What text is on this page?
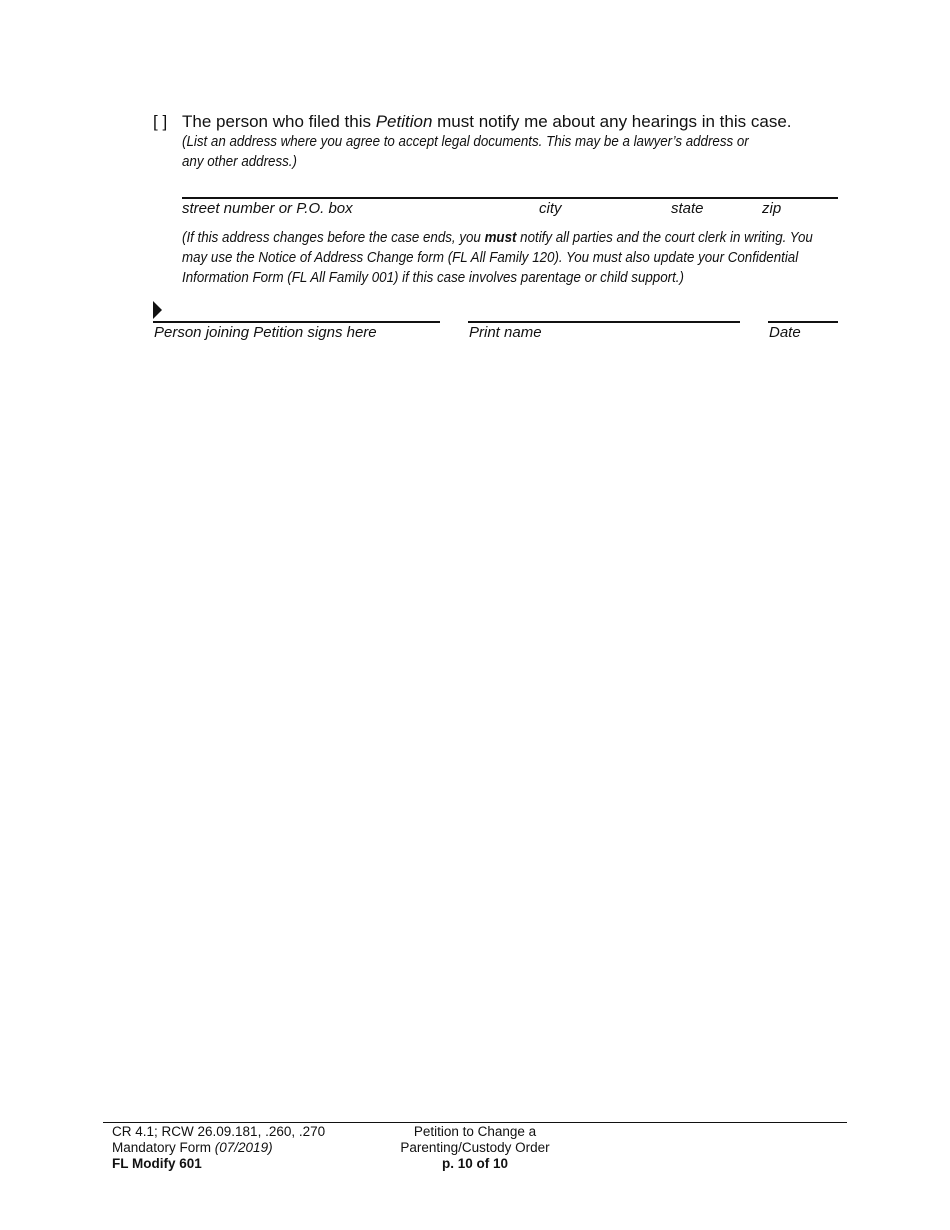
[ ] The person who filed this Petition must notify me about any hearings in this case.
(List an address where you agree to accept legal documents. This may be a lawyer’s address or any other address.)
street number or P.O. box	city	state	zip
(If this address changes before the case ends, you must notify all parties and the court clerk in writing. You may use the Notice of Address Change form (FL All Family 120). You must also update your Confidential Information Form (FL All Family 001) if this case involves parentage or child support.)
Person joining Petition signs here	Print name	Date
CR 4.1; RCW 26.09.181, .260, .270
Mandatory Form (07/2019)
FL Modify 601
Petition to Change a
Parenting/Custody Order
p. 10 of 10
